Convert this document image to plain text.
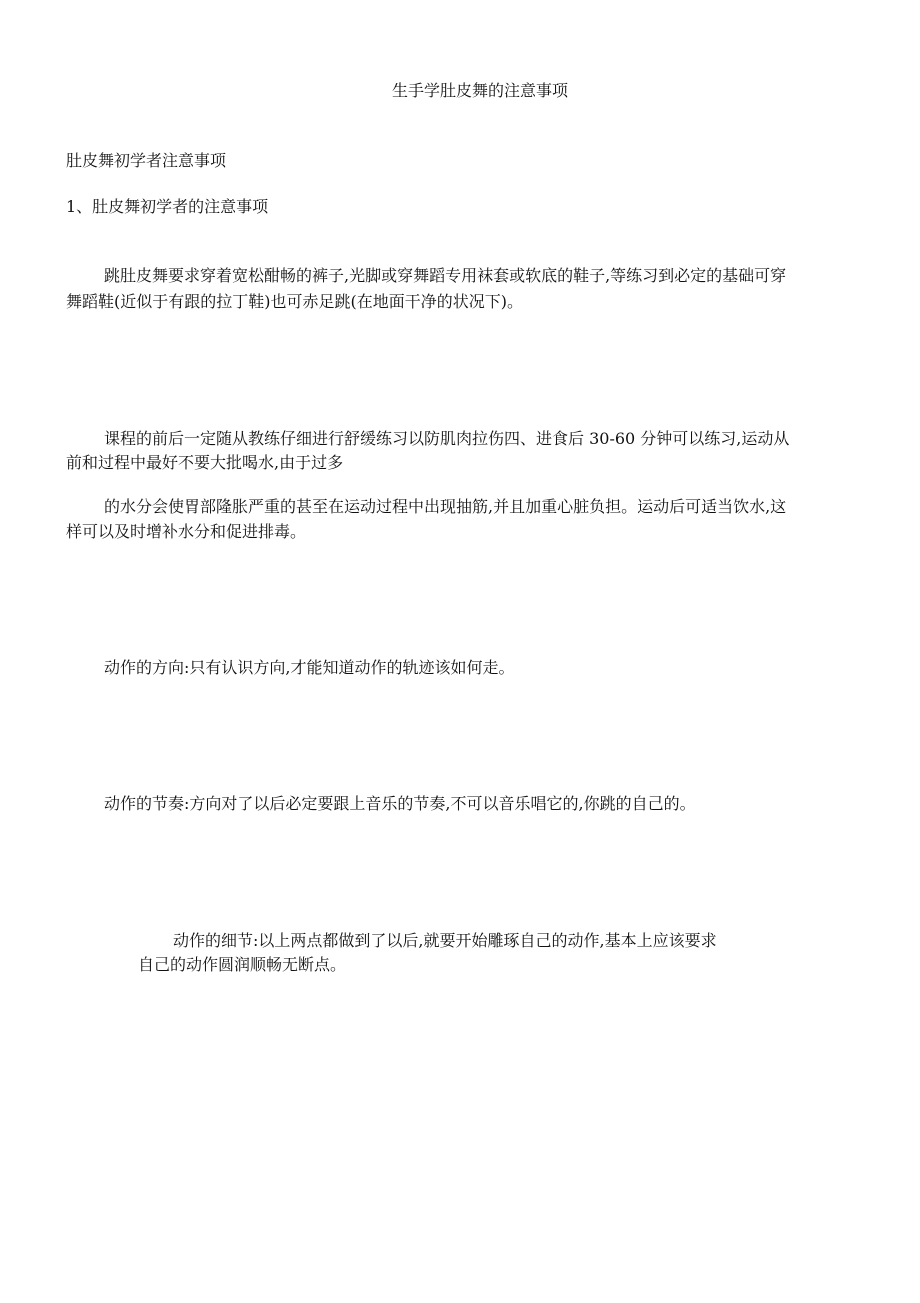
生手学肚皮舞的注意事项
肚皮舞初学者注意事项
1、肚皮舞初学者的注意事项
跳肚皮舞要求穿着宽松酣畅的裤子,光脚或穿舞蹈专用袜套或软底的鞋子,等练习到必定的基础可穿
舞蹈鞋(近似于有跟的拉丁鞋)也可赤足跳(在地面干净的状况下)。
课程的前后一定随从教练仔细进行舒缓练习以防肌肉拉伤四、进食后 30-60 分钟可以练习,运动从
前和过程中最好不要大批喝水,由于过多
的水分会使胃部隆胀严重的甚至在运动过程中出现抽筋,并且加重心脏负担。运动后可适当饮水,这
样可以及时增补水分和促进排毒。
动作的方向:只有认识方向,才能知道动作的轨迹该如何走。
动作的节奏:方向对了以后必定要跟上音乐的节奏,不可以音乐唱它的,你跳的自己的。
动作的细节:以上两点都做到了以后,就要开始雕琢自己的动作,基本上应该要求
自己的动作圆润顺畅无断点。
